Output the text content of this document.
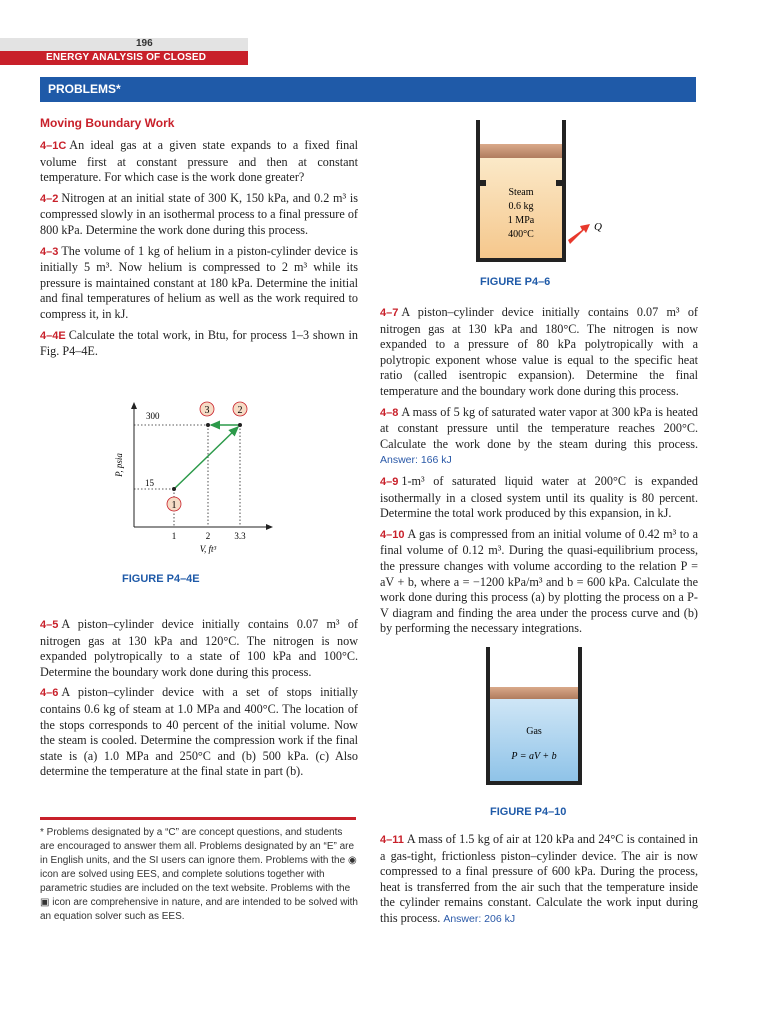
196
ENERGY ANALYSIS OF CLOSED SYSTEMS
PROBLEMS*
Moving Boundary Work

4–1C An ideal gas at a given state expands to a fixed final volume first at constant pressure and then at constant temperature. For which case is the work done greater?

4–2 Nitrogen at an initial state of 300 K, 150 kPa, and 0.2 m³ is compressed slowly in an isothermal process to a final pressure of 800 kPa. Determine the work done during this process.

4–3 The volume of 1 kg of helium in a piston-cylinder device is initially 5 m³. Now helium is compressed to 2 m³ while its pressure is maintained constant at 180 kPa. Determine the initial and final temperatures of helium as well as the work required to compress it, in kJ.

4–4E Calculate the total work, in Btu, for process 1–3 shown in Fig. P4–4E.

1
2
3
300
15
1	2	3.3
V, ft³
P, psia
FIGURE P4–4E

4–5 A piston–cylinder device initially contains 0.07 m³ of nitrogen gas at 130 kPa and 120°C. The nitrogen is now expanded polytropically to a state of 100 kPa and 100°C. Determine the boundary work done during this process.

4–6 A piston–cylinder device with a set of stops initially contains 0.6 kg of steam at 1.0 MPa and 400°C. The location of the stops corresponds to 40 percent of the initial volume. Now the steam is cooled. Determine the compression work if the final state is (a) 1.0 MPa and 250°C and (b) 500 kPa. (c) Also determine the temperature at the final state in part (b).

* Problems designated by a “C” are concept questions, and students are encouraged to answer them all. Problems designated by an “E” are in English units, and the SI users can ignore them. Problems with the ◉ icon are solved using EES, and complete solutions together with parametric studies are included on the text website. Problems with the ▣ icon are comprehensive in nature, and are intended to be solved with an equation solver such as EES.
Steam
0.6 kg
1 MPa
400°C
Q
FIGURE P4–6

4–7 A piston–cylinder device initially contains 0.07 m³ of nitrogen gas at 130 kPa and 180°C. The nitrogen is now expanded to a pressure of 80 kPa polytropically with a polytropic exponent whose value is equal to the specific heat ratio (called isentropic expansion). Determine the final temperature and the boundary work done during this process.

4–8 A mass of 5 kg of saturated water vapor at 300 kPa is heated at constant pressure until the temperature reaches 200°C. Calculate the work done by the steam during this process. Answer: 166 kJ

4–9 1-m³ of saturated liquid water at 200°C is expanded isothermally in a closed system until its quality is 80 percent. Determine the total work produced by this expansion, in kJ.

4–10 A gas is compressed from an initial volume of 0.42 m³ to a final volume of 0.12 m³. During the quasi-equilibrium process, the pressure changes with volume according to the relation P = aV + b, where a = −1200 kPa/m³ and b = 600 kPa. Calculate the work done during this process (a) by plotting the process on a P-V diagram and finding the area under the process curve and (b) by performing the necessary integrations.

Gas
P = aV + b
FIGURE P4–10

4–11 A mass of 1.5 kg of air at 120 kPa and 24°C is contained in a gas-tight, frictionless piston–cylinder device. The air is now compressed to a final pressure of 600 kPa. During the process, heat is transferred from the air such that the temperature inside the cylinder remains constant. Calculate the work input during this process. Answer: 206 kJ
